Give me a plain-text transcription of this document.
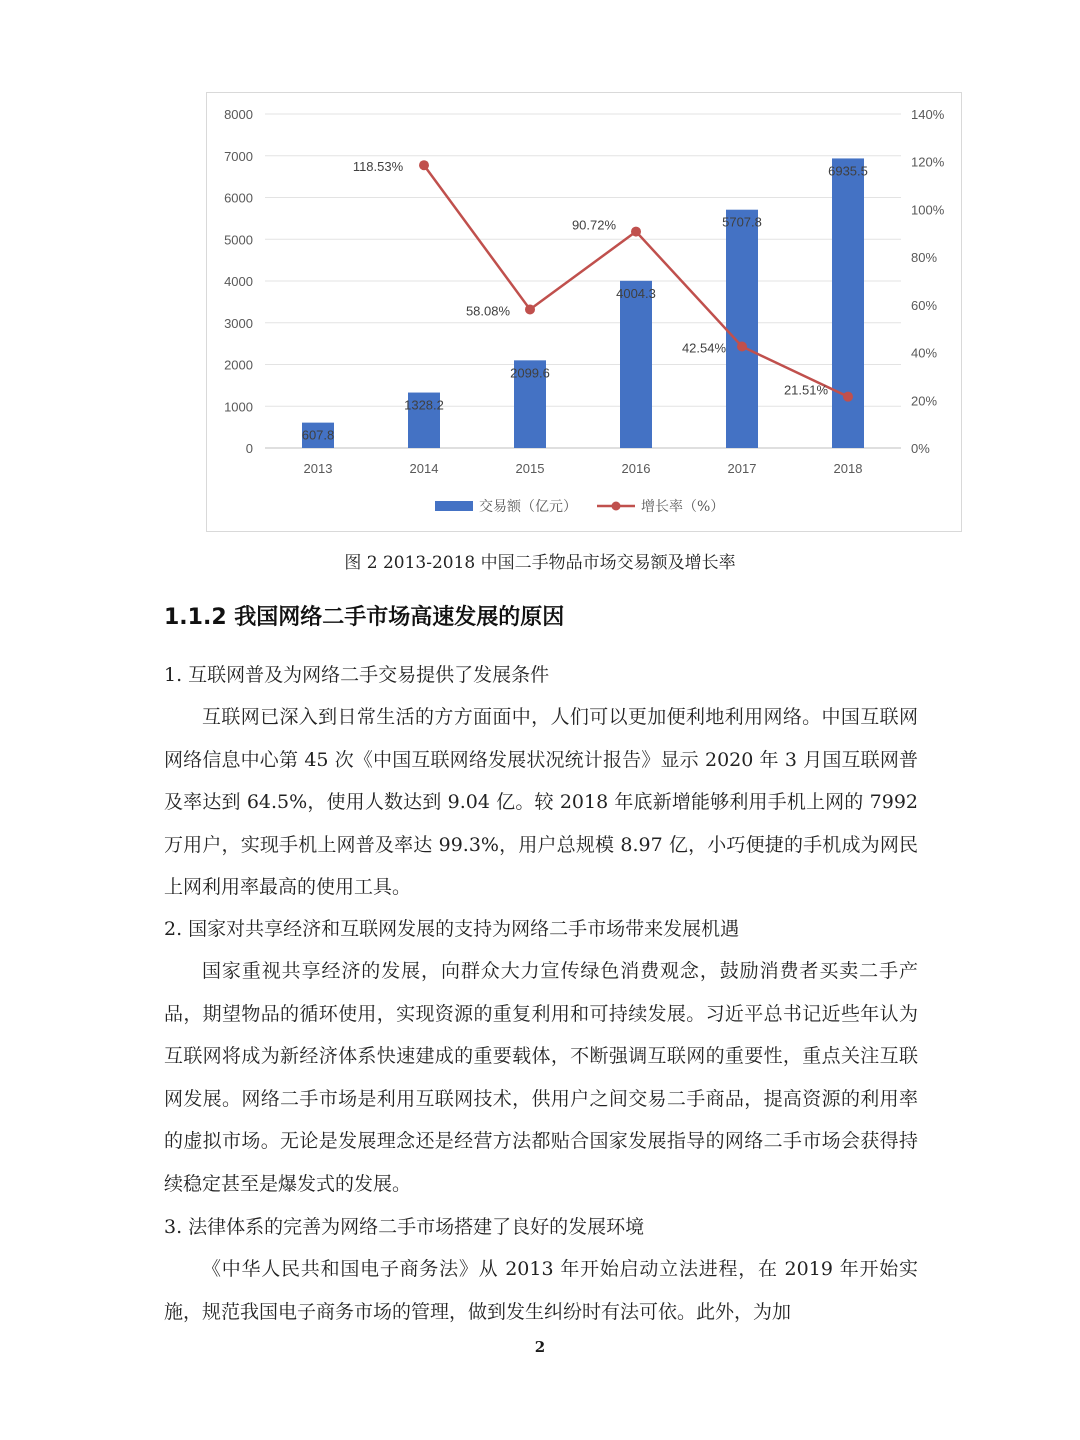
0
1000
2000
3000
4000
5000
6000
7000
8000
0%
20%
40%
60%
80%
100%
120%
140%
2013	2014	2015	2016	2017	2018
607.8
1328.2
2099.6
4004.3
5707.8
6935.5
118.53%
58.08%
90.72%
42.54%
21.51%
交易额（亿元）	增长率（%）
图 2 2013-2018 中国二手物品市场交易额及增长率
1.1.2 我国网络二手市场高速发展的原因
1. 互联网普及为网络二手交易提供了发展条件

互联网已深入到日常生活的方方面面中，人们可以更加便利地利用网络。中国互联网网络信息中心第 45 次《中国互联网络发展状况统计报告》显示 2020 年 3 月国互联网普及率达到 64.5%，使用人数达到 9.04 亿。较 2018 年底新增能够利用手机上网的 7992 万用户，实现手机上网普及率达 99.3%，用户总规模 8.97 亿，小巧便捷的手机成为网民上网利用率最高的使用工具。

2. 国家对共享经济和互联网发展的支持为网络二手市场带来发展机遇

国家重视共享经济的发展，向群众大力宣传绿色消费观念，鼓励消费者买卖二手产品，期望物品的循环使用，实现资源的重复利用和可持续发展。习近平总书记近些年认为互联网将成为新经济体系快速建成的重要载体，不断强调互联网的重要性，重点关注互联网发展。网络二手市场是利用互联网技术，供用户之间交易二手商品，提高资源的利用率的虚拟市场。无论是发展理念还是经营方法都贴合国家发展指导的网络二手市场会获得持续稳定甚至是爆发式的发展。

3. 法律体系的完善为网络二手市场搭建了良好的发展环境

《中华人民共和国电子商务法》从 2013 年开始启动立法进程，在 2019 年开始实施，规范我国电子商务市场的管理，做到发生纠纷时有法可依。此外，为加

2
